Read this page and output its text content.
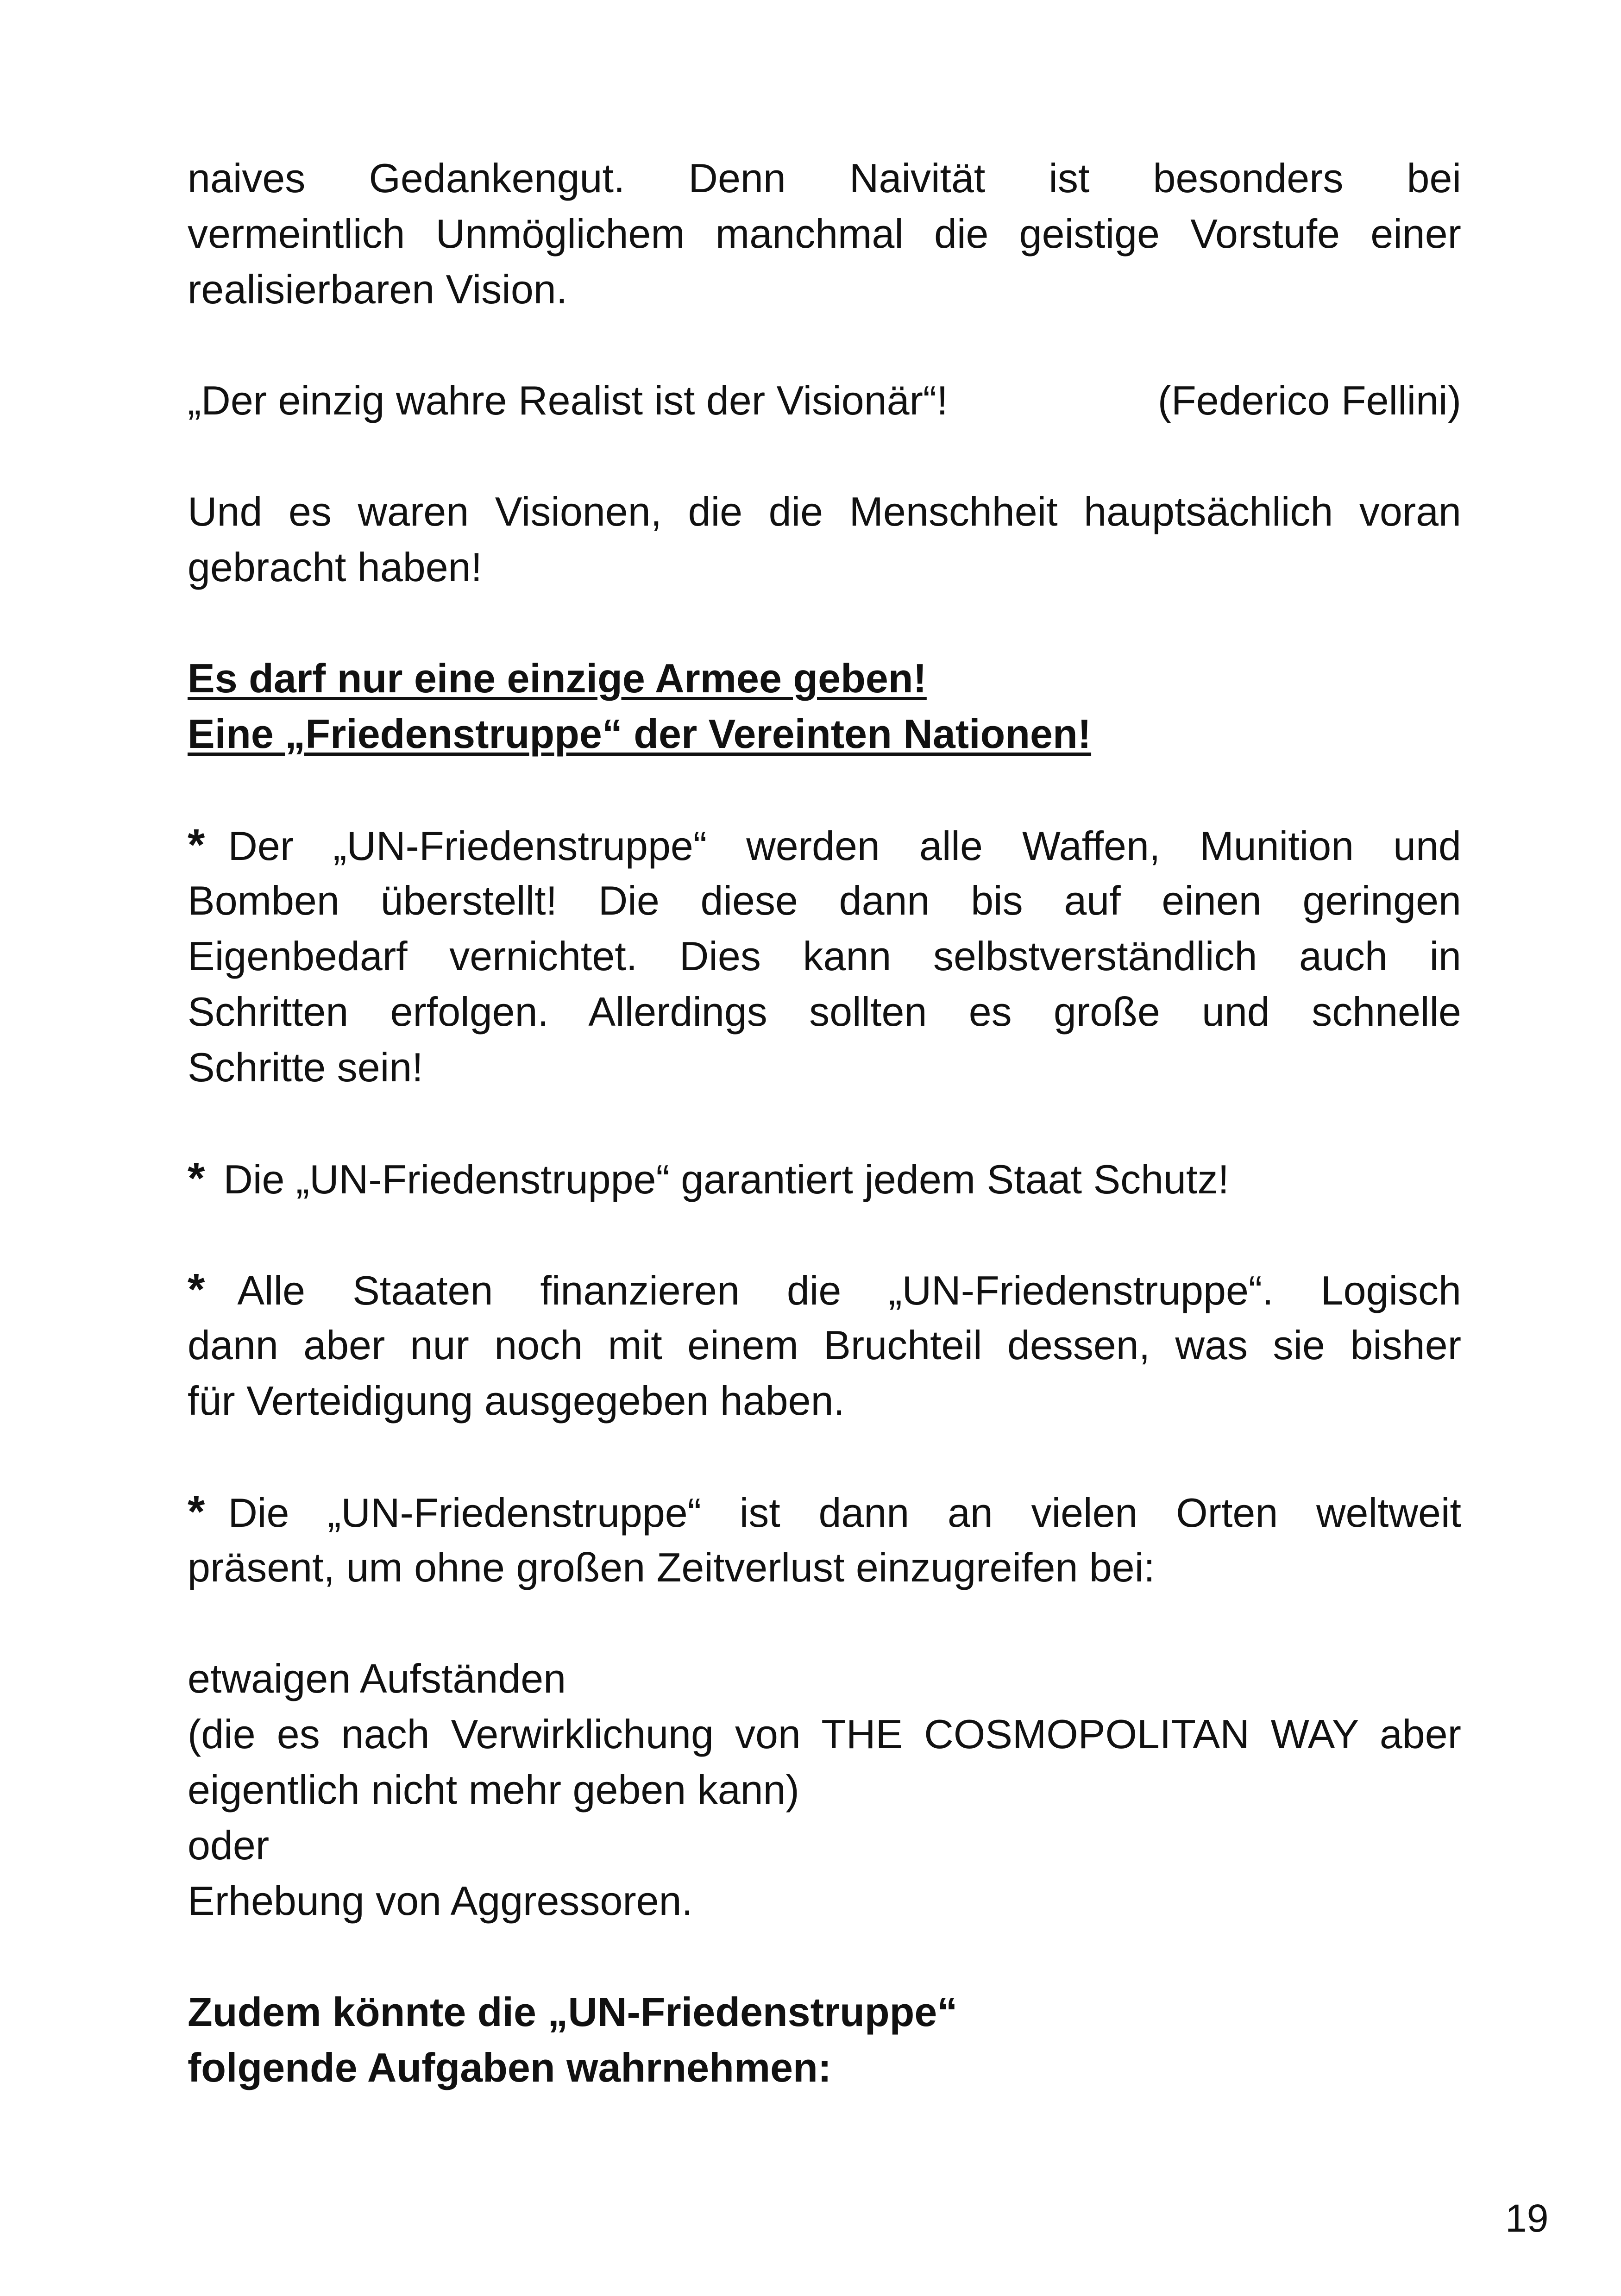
naives Gedankengut. Denn Naivität ist besonders bei
vermeintlich Unmöglichem manchmal die geistige Vorstufe einer
realisierbaren Vision.
„Der einzig wahre Realist ist der Visionär“!	(Federico Fellini)
Und es waren Visionen, die die Menschheit hauptsächlich voran
gebracht haben!
Es darf nur eine einzige Armee geben!
Eine „Friedenstruppe“ der Vereinten Nationen!
* Der „UN-Friedenstruppe“ werden alle Waffen, Munition und
Bomben überstellt! Die diese dann bis auf einen geringen
Eigenbedarf vernichtet. Dies kann selbstverständlich auch in
Schritten erfolgen. Allerdings sollten es große und schnelle
Schritte sein!
* Die „UN-Friedenstruppe“ garantiert jedem Staat Schutz!
* Alle Staaten finanzieren die „UN-Friedenstruppe“. Logisch
dann aber nur noch mit einem Bruchteil dessen, was sie bisher
für Verteidigung ausgegeben haben.
* Die „UN-Friedenstruppe“ ist dann an vielen Orten weltweit
präsent, um ohne großen Zeitverlust einzugreifen bei:
etwaigen Aufständen
(die es nach Verwirklichung von THE COSMOPOLITAN WAY aber
eigentlich nicht mehr geben kann)
oder
Erhebung von Aggressoren.
Zudem könnte die „UN-Friedenstruppe“
folgende Aufgaben wahrnehmen:
19
